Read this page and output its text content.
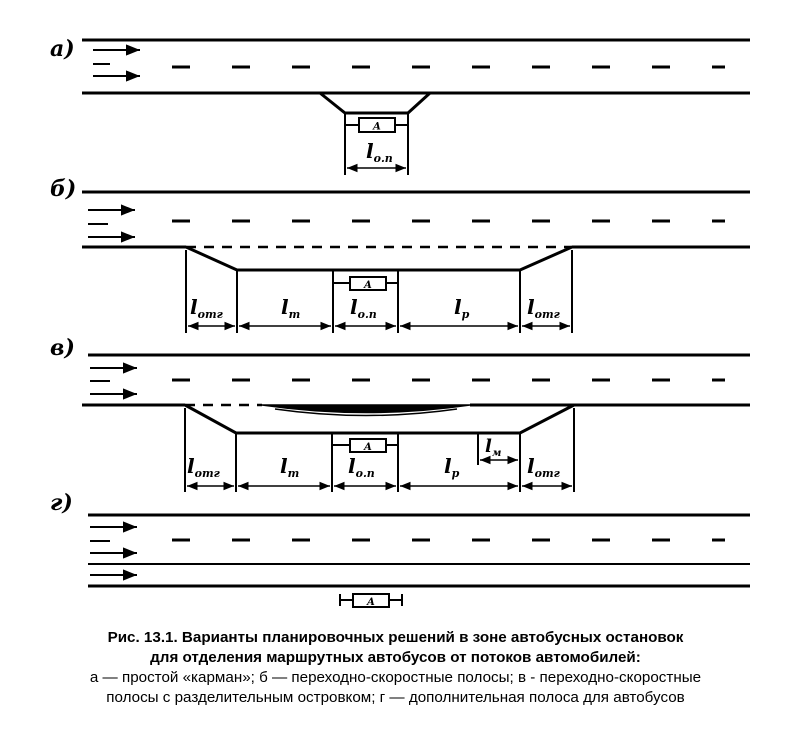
а)
А
$l_{о.п}$
б)
А
$l_{отг}$	$l_т$ $l_{о.п}$	$l_р$	$l_{отг}$
в)
А
$l_{отг}$	$l_т$ $l_{о.п}$	$l_р$
$l_м$
$l_{отг}$
г)
А
Рис. 13.1. Варианты планировочных решений в зоне автобусных остановок
для отделения маршрутных автобусов от потоков автомобилей:
а — простой «карман»; б — переходно-скоростные полосы; в - переходно-скоростные
полосы с разделительным островком; г — дополнительная полоса для автобусов
